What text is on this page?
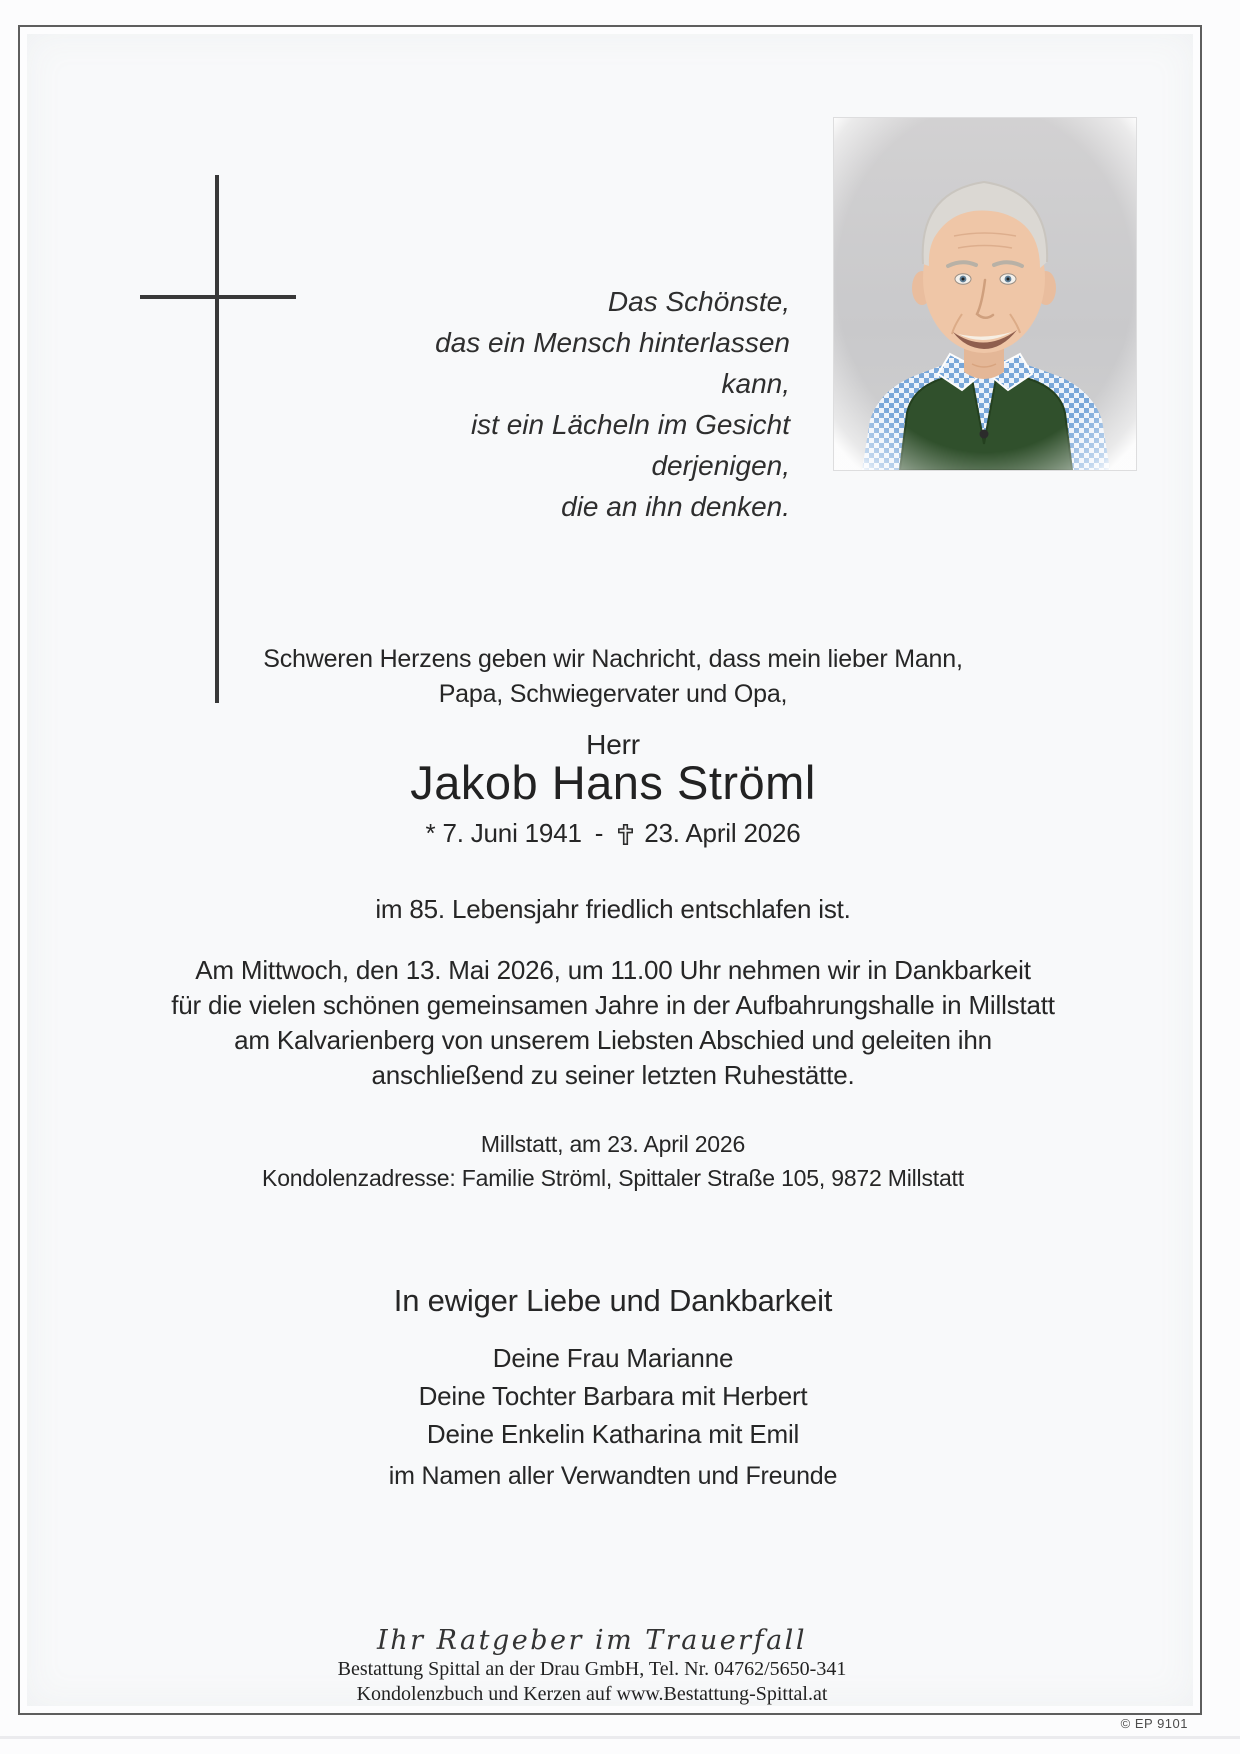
Das Schönste,
das ein Mensch hinterlassen kann,
ist ein Lächeln im Gesicht derjenigen,
die an ihn denken.
Schweren Herzens geben wir Nachricht, dass mein lieber Mann,
Papa, Schwiegervater und Opa,
Herr
Jakob Hans Ströml
* 7. Juni 1941 - 23. April 2026
im 85. Lebensjahr friedlich entschlafen ist.
Am Mittwoch, den 13. Mai 2026, um 11.00 Uhr nehmen wir in Dankbarkeit
für die vielen schönen gemeinsamen Jahre in der Aufbahrungshalle in Millstatt
am Kalvarienberg von unserem Liebsten Abschied und geleiten ihn
anschließend zu seiner letzten Ruhestätte.
Millstatt, am 23. April 2026
Kondolenzadresse: Familie Ströml, Spittaler Straße 105, 9872 Millstatt
In ewiger Liebe und Dankbarkeit
Deine Frau Marianne
Deine Tochter Barbara mit Herbert
Deine Enkelin Katharina mit Emil
im Namen aller Verwandten und Freunde
Ihr Ratgeber im Trauerfall
Bestattung Spittal an der Drau GmbH, Tel. Nr. 04762/5650-341
Kondolenzbuch und Kerzen auf www.Bestattung-Spittal.at
© EP 9101
